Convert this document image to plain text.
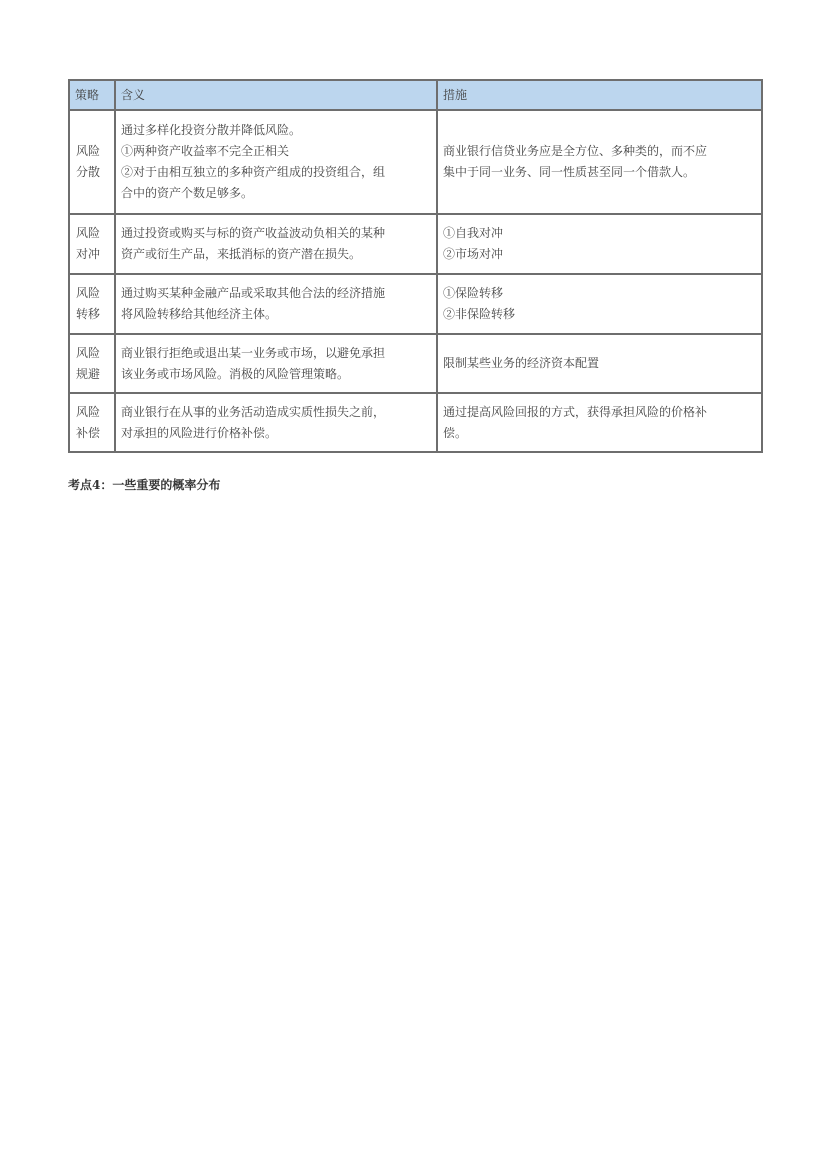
策略	含义	措施

风险
分散	通过多样化投资分散并降低风险。
①两种资产收益率不完全正相关
②对于由相互独立的多种资产组成的投资组合，组
合中的资产个数足够多。	商业银行信贷业务应是全方位、多种类的，而不应
集中于同一业务、同一性质甚至同一个借款人。

风险
对冲	通过投资或购买与标的资产收益波动负相关的某种
资产或衍生产品，来抵消标的资产潜在损失。	①自我对冲
②市场对冲

风险
转移	通过购买某种金融产品或采取其他合法的经济措施
将风险转移给其他经济主体。	①保险转移
②非保险转移

风险
规避	商业银行拒绝或退出某一业务或市场，以避免承担
该业务或市场风险。消极的风险管理策略。	限制某些业务的经济资本配置

风险
补偿	商业银行在从事的业务活动造成实质性损失之前，
对承担的风险进行价格补偿。	通过提高风险回报的方式，获得承担风险的价格补
偿。
考点4：一些重要的概率分布
